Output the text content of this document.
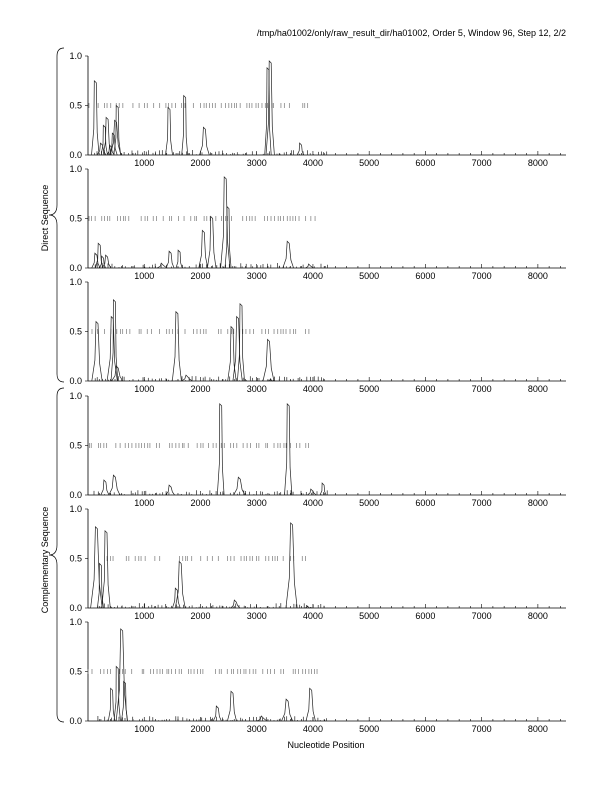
/tmp/ha01002/only/raw_result_dir/ha01002, Order 5, Window 96, Step 12, 2/2
0.0
0.5
1.0
1000	2000	3000	4000	5000	6000	7000	8000
0.0
0.5
1.0
1000	2000	3000	4000	5000	6000	7000	8000
0.0
0.5
1.0
1000	2000	3000	4000	5000	6000	7000	8000
0.0
0.5
1.0
1000	2000	3000	4000	5000	6000	7000	8000
0.0
0.5
1.0
1000	2000	3000	4000	5000	6000	7000	8000
0.0
0.5
1.0
1000	2000	3000	4000	5000	6000	7000	8000
Direct Sequence
Complementary Sequence
Nucleotide Position
